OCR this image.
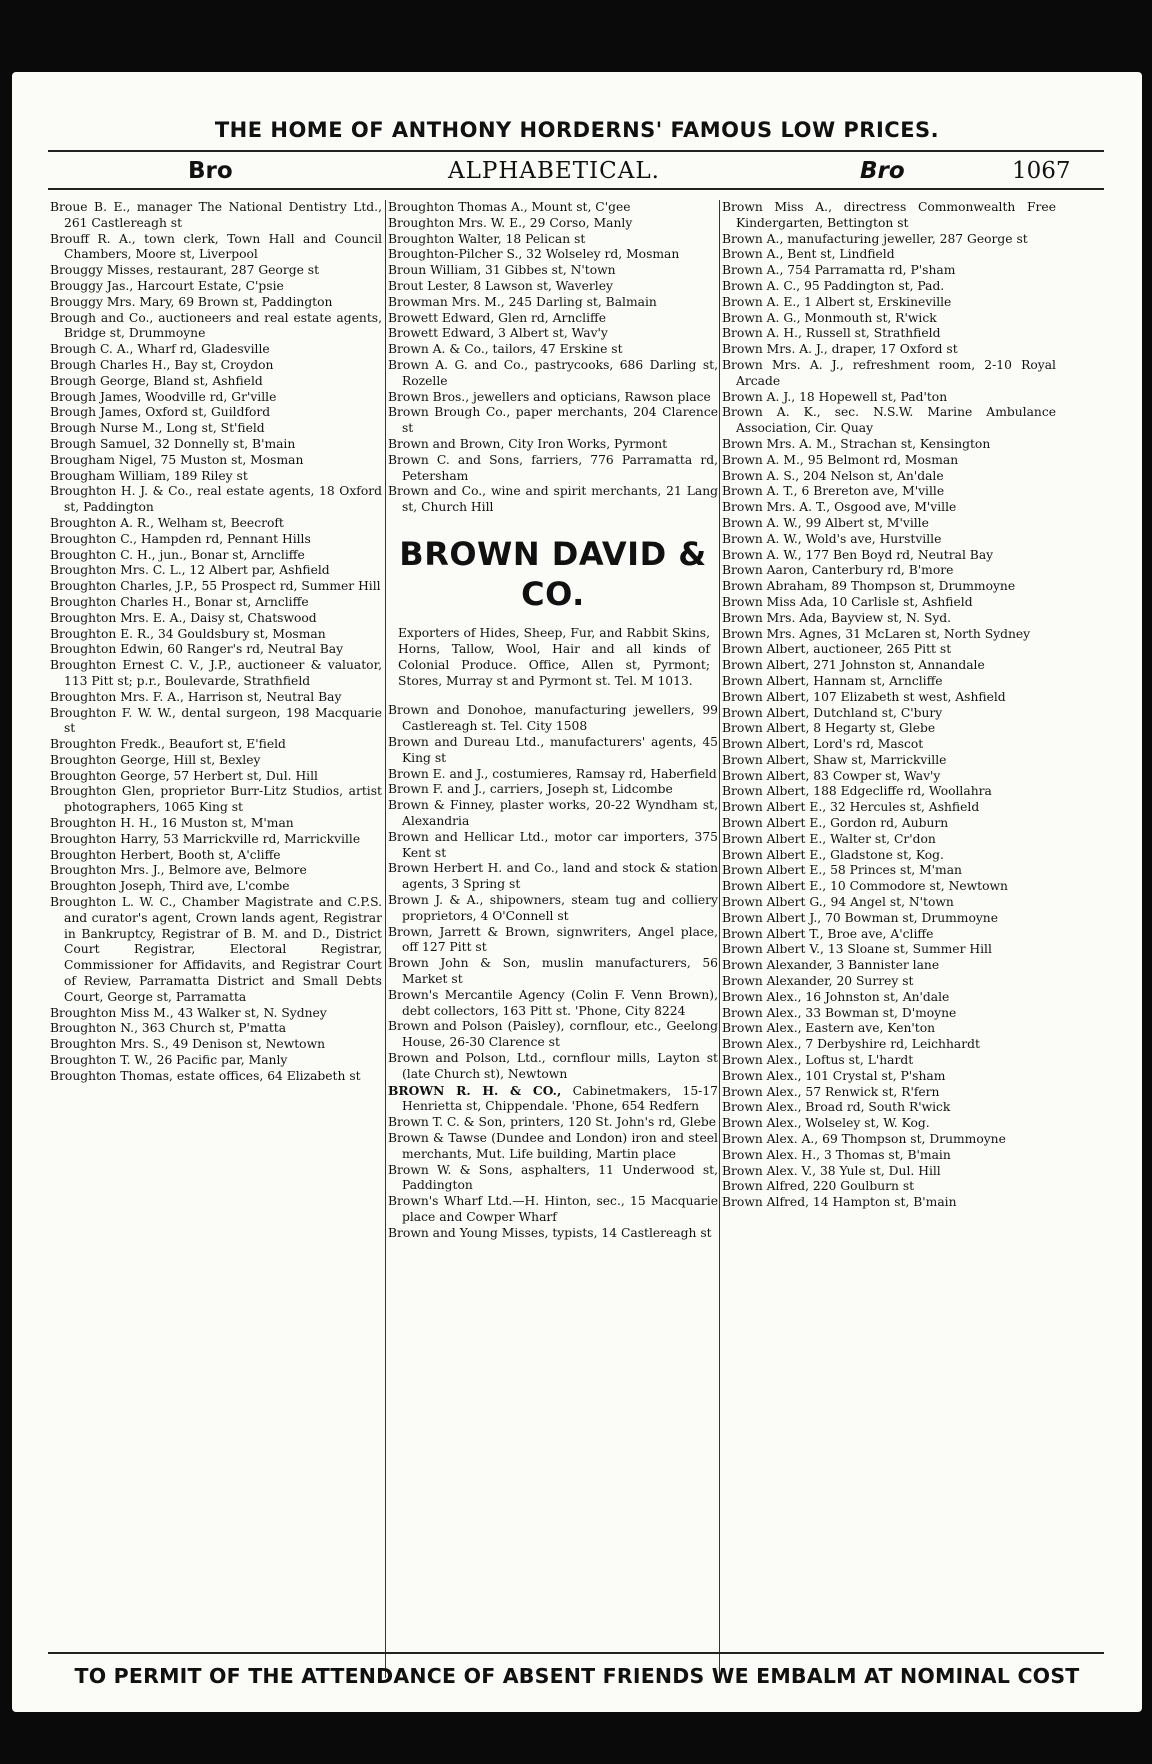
THE HOME OF ANTHONY HORDERNS' FAMOUS LOW PRICES.
Bro	ALPHABETICAL.	Bro	1067

Broue B. E., manager The National Dentistry Ltd., 261 Castlereagh st

Brouff R. A., town clerk, Town Hall and Council Chambers, Moore st, Liverpool

Brouggy Misses, restaurant, 287 George st

Brouggy Jas., Harcourt Estate, C'psie

Brouggy Mrs. Mary, 69 Brown st, Paddington

Brough and Co., auctioneers and real estate agents, Bridge st, Drummoyne

Brough C. A., Wharf rd, Gladesville

Brough Charles H., Bay st, Croydon

Brough George, Bland st, Ashfield

Brough James, Woodville rd, Gr'ville

Brough James, Oxford st, Guildford

Brough Nurse M., Long st, St'field

Brough Samuel, 32 Donnelly st, B'main

Brougham Nigel, 75 Muston st, Mosman

Brougham William, 189 Riley st

Broughton H. J. & Co., real estate agents, 18 Oxford st, Paddington

Broughton A. R., Welham st, Beecroft

Broughton C., Hampden rd, Pennant Hills

Broughton C. H., jun., Bonar st, Arncliffe

Broughton Mrs. C. L., 12 Albert par, Ashfield

Broughton Charles, J.P., 55 Prospect rd, Summer Hill

Broughton Charles H., Bonar st, Arncliffe

Broughton Mrs. E. A., Daisy st, Chatswood

Broughton E. R., 34 Gouldsbury st, Mosman

Broughton Edwin, 60 Ranger's rd, Neutral Bay

Broughton Ernest C. V., J.P., auctioneer & valuator, 113 Pitt st; p.r., Boulevarde, Strathfield

Broughton Mrs. F. A., Harrison st, Neutral Bay

Broughton F. W. W., dental surgeon, 198 Macquarie st

Broughton Fredk., Beaufort st, E'field

Broughton George, Hill st, Bexley

Broughton George, 57 Herbert st, Dul. Hill

Broughton Glen, proprietor Burr-Litz Studios, artist photographers, 1065 King st

Broughton H. H., 16 Muston st, M'man

Broughton Harry, 53 Marrickville rd, Marrickville

Broughton Herbert, Booth st, A'cliffe

Broughton Mrs. J., Belmore ave, Belmore

Broughton Joseph, Third ave, L'combe

Broughton L. W. C., Chamber Magistrate and C.P.S. and curator's agent, Crown lands agent, Registrar in Bankruptcy, Registrar of B. M. and D., District Court Registrar, Electoral Registrar, Commissioner for Affidavits, and Registrar Court of Review, Parramatta District and Small Debts Court, George st, Parramatta

Broughton Miss M., 43 Walker st, N. Sydney

Broughton N., 363 Church st, P'matta

Broughton Mrs. S., 49 Denison st, Newtown

Broughton T. W., 26 Pacific par, Manly

Broughton Thomas, estate offices, 64 Elizabeth st

Broughton Thomas A., Mount st, C'gee

Broughton Mrs. W. E., 29 Corso, Manly

Broughton Walter, 18 Pelican st

Broughton-Pilcher S., 32 Wolseley rd, Mosman

Broun William, 31 Gibbes st, N'town

Brout Lester, 8 Lawson st, Waverley

Browman Mrs. M., 245 Darling st, Balmain

Browett Edward, Glen rd, Arncliffe

Browett Edward, 3 Albert st, Wav'y

Brown A. & Co., tailors, 47 Erskine st

Brown A. G. and Co., pastrycooks, 686 Darling st, Rozelle

Brown Bros., jewellers and opticians, Rawson place

Brown Brough Co., paper merchants, 204 Clarence st

Brown and Brown, City Iron Works, Pyrmont

Brown C. and Sons, farriers, 776 Parramatta rd, Petersham

Brown and Co., wine and spirit merchants, 21 Lang st, Church Hill

BROWN DAVID & CO.

Exporters of Hides, Sheep, Fur, and Rabbit Skins, Horns, Tallow, Wool, Hair and all kinds of Colonial Produce. Office, Allen st, Pyrmont; Stores, Murray st and Pyrmont st. Tel. M 1013.

Brown and Donohoe, manufacturing jewellers, 99 Castlereagh st. Tel. City 1508

Brown and Dureau Ltd., manufacturers' agents, 45 King st

Brown E. and J., costumieres, Ramsay rd, Haberfield

Brown F. and J., carriers, Joseph st, Lidcombe

Brown & Finney, plaster works, 20-22 Wyndham st, Alexandria

Brown and Hellicar Ltd., motor car importers, 375 Kent st

Brown Herbert H. and Co., land and stock & station agents, 3 Spring st

Brown J. & A., shipowners, steam tug and colliery proprietors, 4 O'Connell st

Brown, Jarrett & Brown, signwriters, Angel place, off 127 Pitt st

Brown John & Son, muslin manufacturers, 56 Market st

Brown's Mercantile Agency (Colin F. Venn Brown), debt collectors, 163 Pitt st. 'Phone, City 8224

Brown and Polson (Paisley), cornflour, etc., Geelong House, 26-30 Clarence st

Brown and Polson, Ltd., cornflour mills, Layton st (late Church st), Newtown

BROWN R. H. & CO., Cabinetmakers, 15-17 Henrietta st, Chippendale. 'Phone, 654 Redfern

Brown T. C. & Son, printers, 120 St. John's rd, Glebe

Brown & Tawse (Dundee and London) iron and steel merchants, Mut. Life building, Martin place

Brown W. & Sons, asphalters, 11 Underwood st, Paddington

Brown's Wharf Ltd.—H. Hinton, sec., 15 Macquarie place and Cowper Wharf

Brown and Young Misses, typists, 14 Castlereagh st

Brown Miss A., directress Commonwealth Free Kindergarten, Bettington st

Brown A., manufacturing jeweller, 287 George st

Brown A., Bent st, Lindfield

Brown A., 754 Parramatta rd, P'sham

Brown A. C., 95 Paddington st, Pad.

Brown A. E., 1 Albert st, Erskineville

Brown A. G., Monmouth st, R'wick

Brown A. H., Russell st, Strathfield

Brown Mrs. A. J., draper, 17 Oxford st

Brown Mrs. A. J., refreshment room, 2-10 Royal Arcade

Brown A. J., 18 Hopewell st, Pad'ton

Brown A. K., sec. N.S.W. Marine Ambulance Association, Cir. Quay

Brown Mrs. A. M., Strachan st, Kensington

Brown A. M., 95 Belmont rd, Mosman

Brown A. S., 204 Nelson st, An'dale

Brown A. T., 6 Brereton ave, M'ville

Brown Mrs. A. T., Osgood ave, M'ville

Brown A. W., 99 Albert st, M'ville

Brown A. W., Wold's ave, Hurstville

Brown A. W., 177 Ben Boyd rd, Neutral Bay

Brown Aaron, Canterbury rd, B'more

Brown Abraham, 89 Thompson st, Drummoyne

Brown Miss Ada, 10 Carlisle st, Ashfield

Brown Mrs. Ada, Bayview st, N. Syd.

Brown Mrs. Agnes, 31 McLaren st, North Sydney

Brown Albert, auctioneer, 265 Pitt st

Brown Albert, 271 Johnston st, Annandale

Brown Albert, Hannam st, Arncliffe

Brown Albert, 107 Elizabeth st west, Ashfield

Brown Albert, Dutchland st, C'bury

Brown Albert, 8 Hegarty st, Glebe

Brown Albert, Lord's rd, Mascot

Brown Albert, Shaw st, Marrickville

Brown Albert, 83 Cowper st, Wav'y

Brown Albert, 188 Edgecliffe rd, Woollahra

Brown Albert E., 32 Hercules st, Ashfield

Brown Albert E., Gordon rd, Auburn

Brown Albert E., Walter st, Cr'don

Brown Albert E., Gladstone st, Kog.

Brown Albert E., 58 Princes st, M'man

Brown Albert E., 10 Commodore st, Newtown

Brown Albert G., 94 Angel st, N'town

Brown Albert J., 70 Bowman st, Drummoyne

Brown Albert T., Broe ave, A'cliffe

Brown Albert V., 13 Sloane st, Summer Hill

Brown Alexander, 3 Bannister lane

Brown Alexander, 20 Surrey st

Brown Alex., 16 Johnston st, An'dale

Brown Alex., 33 Bowman st, D'moyne

Brown Alex., Eastern ave, Ken'ton

Brown Alex., 7 Derbyshire rd, Leichhardt

Brown Alex., Loftus st, L'hardt

Brown Alex., 101 Crystal st, P'sham

Brown Alex., 57 Renwick st, R'fern

Brown Alex., Broad rd, South R'wick

Brown Alex., Wolseley st, W. Kog.

Brown Alex. A., 69 Thompson st, Drummoyne

Brown Alex. H., 3 Thomas st, B'main

Brown Alex. V., 38 Yule st, Dul. Hill

Brown Alfred, 220 Goulburn st

Brown Alfred, 14 Hampton st, B'main

TO PERMIT OF THE ATTENDANCE OF ABSENT FRIENDS WE EMBALM AT NOMINAL COST
